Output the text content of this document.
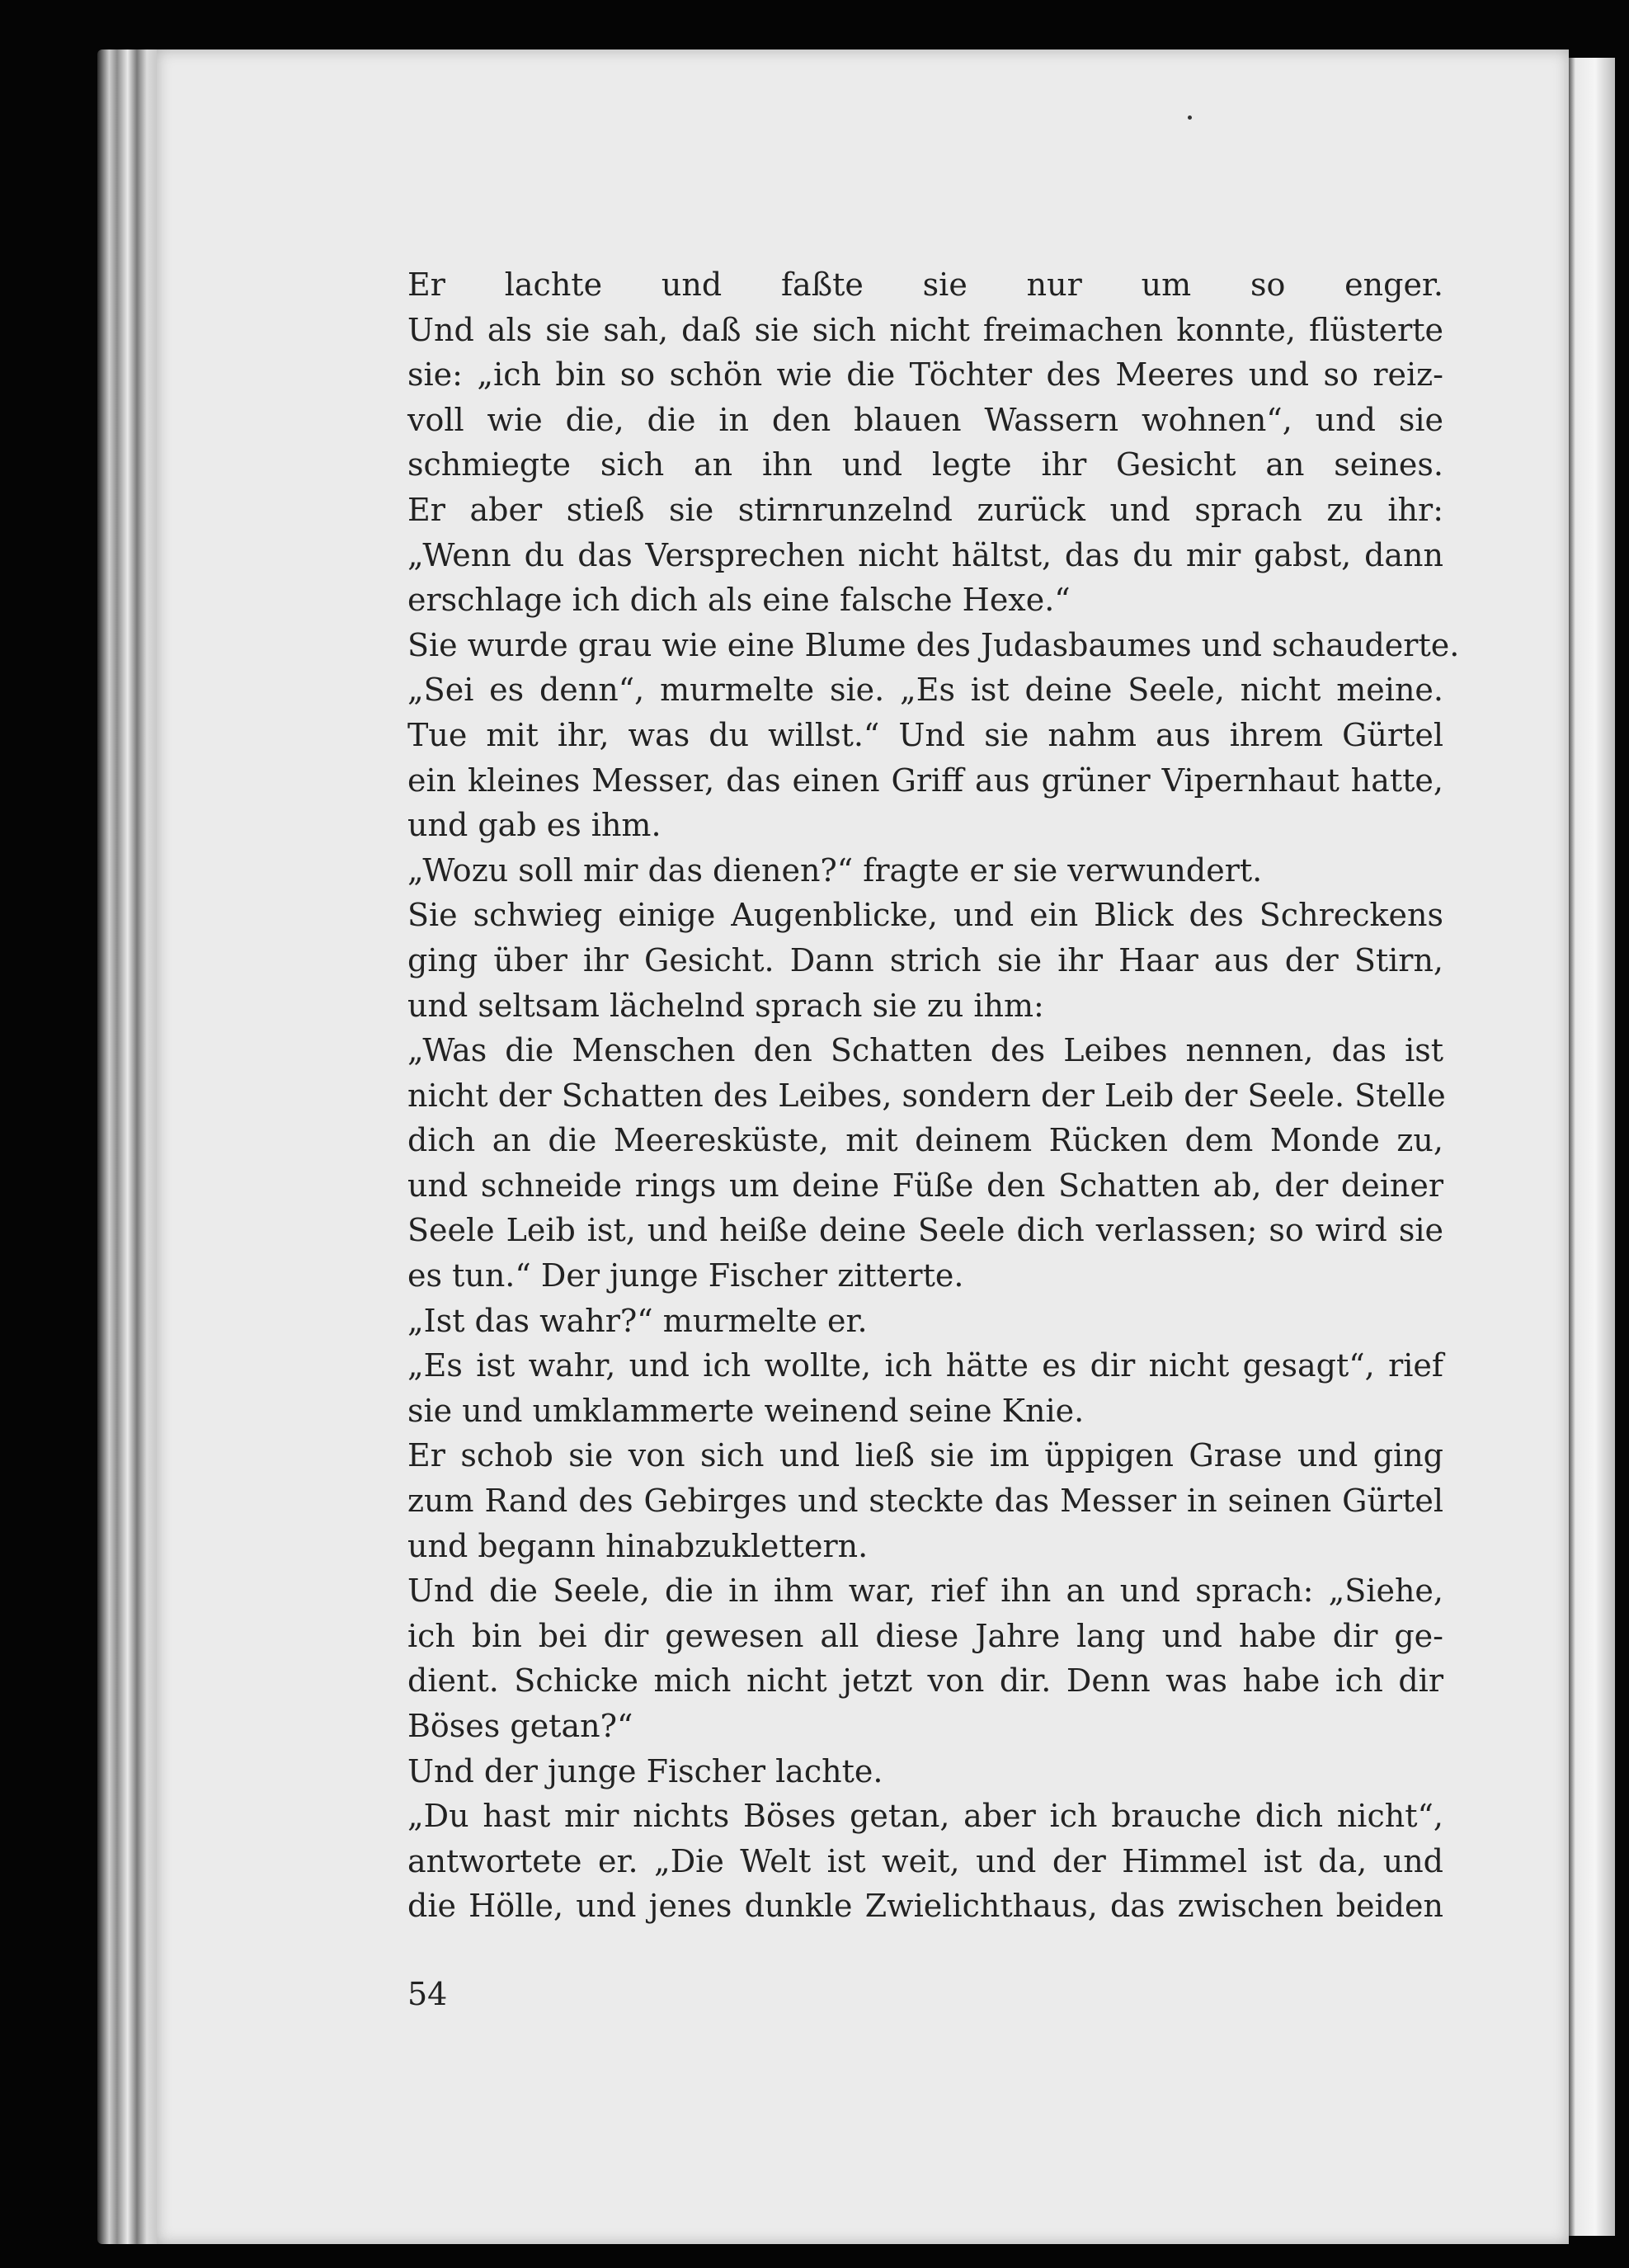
Er lachte und faßte sie nur um so enger.
Und als sie sah, daß sie sich nicht freimachen konnte, flüsterte
sie: „ich bin so schön wie die Töchter des Meeres und so reiz-
voll wie die, die in den blauen Wassern wohnen“, und sie
schmiegte sich an ihn und legte ihr Gesicht an seines.
Er aber stieß sie stirnrunzelnd zurück und sprach zu ihr:
„Wenn du das Versprechen nicht hältst, das du mir gabst, dann
erschlage ich dich als eine falsche Hexe.“
Sie wurde grau wie eine Blume des Judasbaumes und schauderte.
„Sei es denn“, murmelte sie. „Es ist deine Seele, nicht meine.
Tue mit ihr, was du willst.“ Und sie nahm aus ihrem Gürtel
ein kleines Messer, das einen Griff aus grüner Vipernhaut hatte,
und gab es ihm.
„Wozu soll mir das dienen?“ fragte er sie verwundert.
Sie schwieg einige Augenblicke, und ein Blick des Schreckens
ging über ihr Gesicht. Dann strich sie ihr Haar aus der Stirn,
und seltsam lächelnd sprach sie zu ihm:
„Was die Menschen den Schatten des Leibes nennen, das ist
nicht der Schatten des Leibes, sondern der Leib der Seele. Stelle
dich an die Meeresküste, mit deinem Rücken dem Monde zu,
und schneide rings um deine Füße den Schatten ab, der deiner
Seele Leib ist, und heiße deine Seele dich verlassen; so wird sie
es tun.“ Der junge Fischer zitterte.
„Ist das wahr?“ murmelte er.
„Es ist wahr, und ich wollte, ich hätte es dir nicht gesagt“, rief
sie und umklammerte weinend seine Knie.
Er schob sie von sich und ließ sie im üppigen Grase und ging
zum Rand des Gebirges und steckte das Messer in seinen Gürtel
und begann hinabzuklettern.
Und die Seele, die in ihm war, rief ihn an und sprach: „Siehe,
ich bin bei dir gewesen all diese Jahre lang und habe dir ge-
dient. Schicke mich nicht jetzt von dir. Denn was habe ich dir
Böses getan?“
Und der junge Fischer lachte.
„Du hast mir nichts Böses getan, aber ich brauche dich nicht“,
antwortete er. „Die Welt ist weit, und der Himmel ist da, und
die Hölle, und jenes dunkle Zwielichthaus, das zwischen beiden
54
